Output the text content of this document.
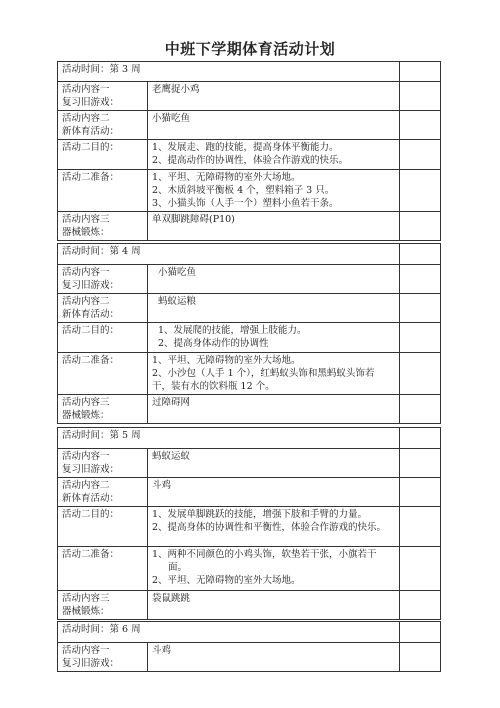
中班下学期体育活动计划
活动时间：第 3 周		

活动内容一
复习旧游戏：	老鹰捉小鸡	

活动内容二
新体育活动：	小猫吃鱼	

活动二目的：	1、发展走、跑的技能，提高身体平衡能力。
2、提高动作的协调性，体验合作游戏的快乐。	

活动二准备：	1、平坦、无障碍物的室外大场地。
2、木质斜坡平衡板 4 个，塑料箱子 3 只。
3、小猫头饰（人手一个）塑料小鱼若干条。	

活动内容三
器械锻炼：	单双脚跳障碍(P10)	

活动时间：第 4 周		

活动内容一
复习旧游戏：	小猫吃鱼	

活动内容二
新体育活动：	蚂蚁运粮	

活动二目的：	1、发展爬的技能，增强上肢能力。
2、提高身体动作的协调性	

活动二准备：	1、平坦、无障碍物的室外大场地。
2、小沙包（人手 1 个），红蚂蚁头饰和黑蚂蚁头饰若
干，装有水的饮料瓶 12 个。	

活动内容三
器械锻炼：	过障碍网	

活动时间：第 5 周		

活动内容一
复习旧游戏：	蚂蚁运蚁	

活动内容二
新体育活动：	斗鸡	

活动二目的：	1、发展单脚跳跃的技能，增强下肢和手臂的力量。
2、提高身体的协调性和平衡性，体验合作游戏的快乐。	

活动二准备：	1、两种不同颜色的小鸡头饰，软垫若干张，小旗若干
面。
2、平坦、无障碍物的室外大场地。	

活动内容三
器械锻炼：	袋鼠跳跳	

活动时间：第 6 周		

活动内容一
复习旧游戏：	斗鸡	
